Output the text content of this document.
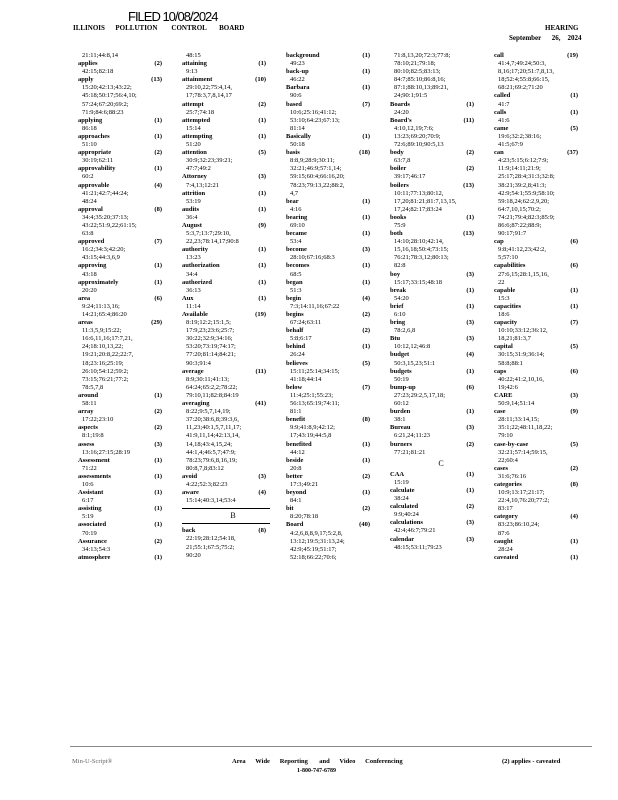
FILED 10/08/2024
ILLINOIS POLLUTION CONTROL BOARD	HEARING
September 26, 2024
21:11;44:8,14
applies	(2)
42:15;82:18
apply	(13)
15:20;42:13;43:22;
45:18;50:17;56:4,10;
57:24;67:20;69:2;
71:9;84:6;88:23
applying	(1)
86:18
approaches	(1)
51:10
appropriate	(2)
30:19;62:11
approvability	(1)
60:2
approvable	(4)
41:21;42:7;44:24;
48:24
approval	(8)
34:4;35:20;37:13;
43:22;51:9,22;61:15;
63:8
approved	(7)
16:2;34:3;42:20;
43:15;44:3,6,9
approving	(1)
43:18
approximately	(1)
20:20
area	(6)
9:24;11:13,16;
14:21;65:4;86:20
areas	(29)
11:3,5,9;15:22;
16:6,11,16;17:7,21,
24;18:10,13,22;
19:21;20:8,22;22:7,
18;23:16;25:19;
26:10;54:12;59:2;
73:15;76:21;77:2;
78:5,7,8
around	(1)
58:11
array	(2)
17:22;23:10
aspects	(2)
8:1;19:8
assess	(3)
13:16;27:15;28:19
Assessment	(1)
71:22
assessments	(1)
10:6
Assistant	(1)
6:17
assisting	(1)
5:19
associated	(1)
70:19
Assurance	(2)
34:13;54:3
atmosphere	(1)
48:15
attaining	(1)
9:13
attainment	(10)
29:10,22;75:4,14,
17;78:3,7,8,14,17
attempt	(2)
25:7;74:18
attempted	(1)
15:14
attempting	(1)
51:20
attention	(5)
30:9;32:23;39:21;
47:7;49:2
Attorney	(3)
7:4,13;12:21
attrition	(1)
53:19
audits	(1)
36:4
August	(9)
5:3,7;13:7;29:10,
22,23;78:14,17;90:8
authority	(1)
13:23
authorization	(1)
34:4
authorized	(1)
36:13
Aux	(1)
11:14
Available	(19)
8:19;12:2;15:1,5;
17:9,23;23:6;25:7;
30:22;32:9;34:16;
53:20;73:19;74:17;
77:20;81:14;84:21;
90:3;91:4
average	(11)
8:9;30:11;41:13;
64:24;65:2,2;78:22;
79:10,11;82:8;84:19
averaging	(41)
8:22;9:5,7,14,19;
37:20;38:6,8;39:3,6,
11,23;40:1,5,7,11,17;
41:9,11,14;42:13,14,
14,18;43:4,15,24;
44:1,4;46:5,7;47:9;
78:23;79:6,8,16,19;
80:8,7,8;83:12
avoid	(3)
4:22;52:3;82:23
aware	(4)
15:14;40:3,14;53:4
B
back	(8)
22:19;28:12;54:18,
21;55:1;67:5;75:2;
90:20
background	(1)
49:23
back-up	(1)
46:22
Barbara	(1)
90:6
based	(7)
10:6;25:16;41:12;
53:10;64:23;67:13;
81:14
Basically	(1)
50:18
basis	(18)
8:8,9;28:9;30:11;
32:21;46:9;57:1,14;
59:15;60:4;66:16,20;
78:23;79:13,22;88:2,
4,7
bear	(1)
4:16
bearing	(1)
69:10
became	(1)
53:4
become	(3)
28:10;67:16;68:3
becomes	(1)
68:5
began	(1)
51:3
begin	(4)
7:3;14:11,16;67:22
begins	(2)
67:24;63:11
behalf	(2)
5:8;6:17
behind	(1)
26:24
believes	(5)
15:11;25:14;34:15;
41:18;44:14
below	(7)
11:4;25:1;55:23;
56:13;65:19;74:11;
81:1
benefit	(8)
9:9;41:8,9;42:12;
17;43:19;44:5,8
benefited	(1)
44:12
beside	(1)
20:8
better	(2)
17:3;49:21
beyond	(1)
84:1
bit	(2)
8:20;78:18
Board	(40)
4:2,6,8,8,9,17;5:2,8,
13:12;19:5;31:13,24;
42:9;45:19;51:17;
52:18;66:22;70:6;
71:8,13,20;72:3;77:8;
78:10;21;79:18;
80:10;82:5;83:13;
84:7;85:10;86:8,16;
87:1;88:10,13;89:21,
24;90:1;91:5
Boards	(1)
24:20
Board's	(11)
4:10,12,19;7:6;
13:23;69:20;70:9;
72:6;89:10;90:5,13
body	(2)
63:7,8
boiler	(2)
39:17;46:17
boilers	(13)
10:11;77:13;80:12,
17,20;81:21;81:7,13,15,
17,24;82:17;83:24
books	(1)
75:9
both	(13)
14:10;28:10;42:14,
15,16,18;50:4;73:15;
76:21;78:3,12;80:13;
82:8
boy	(3)
15:17;33:15;48:18
break	(1)
54:20
brief	(1)
6:10
bring	(3)
78:2,6,8
Btu	(3)
10:12,12;46:8
budget	(4)
50:3,15,23;51:1
budgets	(1)
50:19
bump-up	(6)
27:23;29:2,5,17,18;
60:12
burden	(1)
38:1
Bureau	(3)
6:21,24;11:23
burners	(2)
77:21;81:21
C
CAA	(1)
15:19
calculate	(1)
38:24
calculated	(2)
9:9;40:24
calculations	(3)
42:4;46:7;79:21
calendar	(3)
48:15;53:11;79:23
call	(19)
41:4,7;49:24;50:3,
8,16;17;20;51:7,8,13,
18;52:4;55:8;66:15,
68:21;69:2;71:20
called	(1)
41:7
calls	(1)
41:6
came	(5)
19:6;32:2;38:16;
41:5;67:9
can	(37)
4:23;5:15;6:12;7:9;
11:9;14:11;21:9;
25:17;28:4;31:3;32:8;
38:21;39:2,8;41:3;
42:9;54:1;55:9;58:10;
59:18,24;62:2,9,20;
64:7,10,15;70:2;
74:21;79:4;82:3;85:9;
86:6;87:22;88:9;
90:17;91:7
cap	(6)
9:8;41:12,23;42:2,
5;57:10
capabilities	(6)
27:6,15;28:1,15,16,
22
capable	(1)
15:3
capacities	(1)
18:6
capacity	(7)
10:10;33:12;36:12,
18,21;81:3,7
capital	(5)
30:15;31:9;36:14;
58:8;88:1
caps	(6)
40:22;41:2,10,16,
19;42:6
CARE	(3)
50:9,14;51:14
case	(9)
28:11;33:14,15;
35:1;22;48:11,18,22;
79:10
case-by-case	(5)
32:21;57:14;59:15,
22;60:4
cases	(2)
31:6;76:16
categories	(8)
10:9;13:17;21:17;
22:4,10,76:20;77:2;
83:17
category	(4)
83:23;86:10,24;
87:6
caught	(1)
28:24
caveated	(1)
Min-U-Script®	Area Wide Reporting and Video Conferencing
1-800-747-6789
(2) applies - caveated
